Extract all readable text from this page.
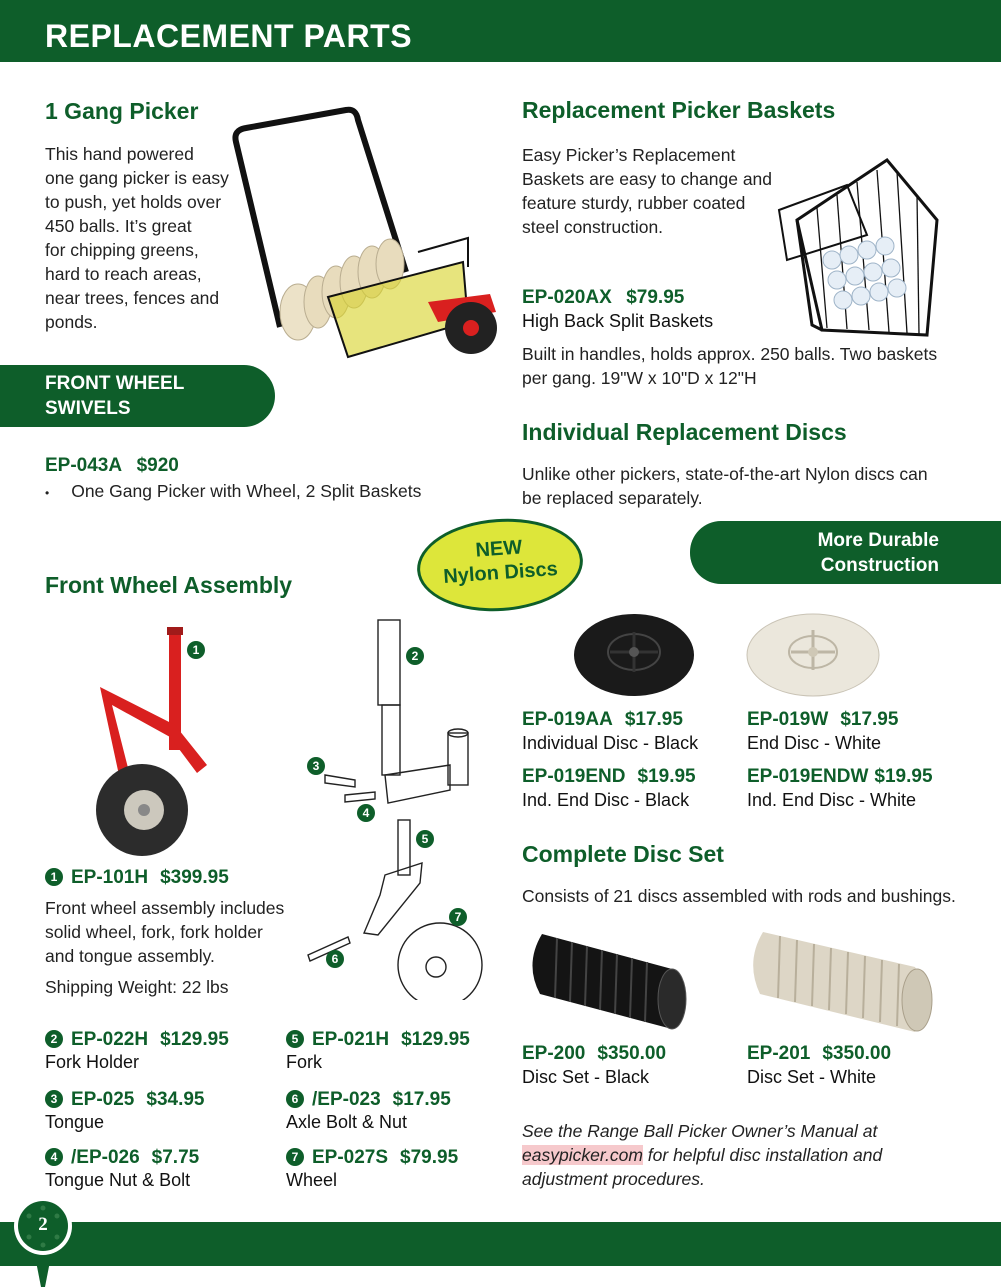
REPLACEMENT PARTS
1 Gang Picker
This hand powered
one gang picker is easy
to push, yet holds over
450 balls. It’s great
for chipping greens,
hard to reach areas,
near trees, fences and
ponds.
FRONT WHEEL
SWIVELS
EP-043A $920
• One Gang Picker with Wheel, 2 Split Baskets
Replacement Picker Baskets
Easy Picker’s Replacement
Baskets are easy to change and
feature sturdy, rubber coated
steel construction.
EP-020AX $79.95
High Back Split Baskets
Built in handles, holds approx. 250 balls. Two baskets
per gang. 19"W x 10"D x 12"H
Individual Replacement Discs
Unlike other pickers, state-of-the-art Nylon discs can
be replaced separately.
NEW
Nylon Discs
More Durable
Construction
EP-019AA $17.95
Individual Disc - Black
EP-019W $17.95
End Disc - White
EP-019END $19.95
Ind. End Disc - Black
EP-019ENDW $19.95
Ind. End Disc - White
Complete Disc Set
Consists of 21 discs assembled with rods and bushings.
EP-200 $350.00
Disc Set - Black
EP-201 $350.00
Disc Set - White
See the Range Ball Picker Owner’s Manual at
easypicker.com for helpful disc installation and
adjustment procedures.
Front Wheel Assembly
1	2
3
4
5
7
6
1 EP-101H $399.95
Front wheel assembly includes
solid wheel, fork, fork holder
and tongue assembly.
Shipping Weight: 22 lbs
2 EP-022H $129.95
Fork Holder
3 EP-025 $34.95
Tongue
4 /EP-026 $7.75
Tongue Nut & Bolt
5 EP-021H $129.95
Fork
6 /EP-023 $17.95
Axle Bolt & Nut
7 EP-027S $79.95
Wheel
2
